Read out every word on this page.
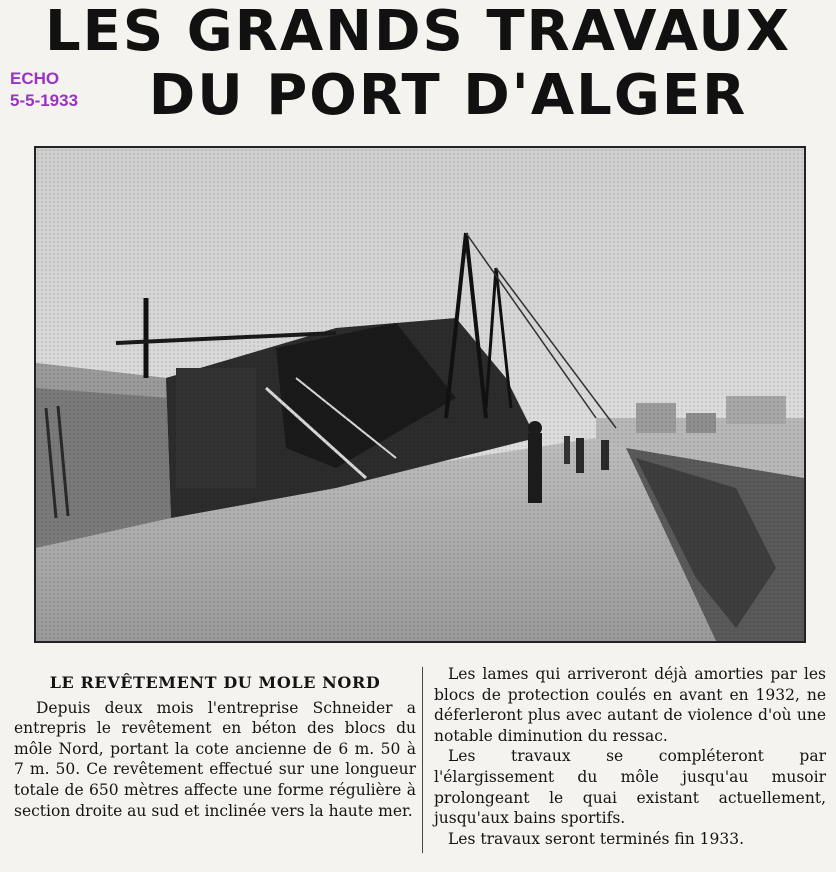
LES GRANDS TRAVAUX
DU PORT D'ALGER
ECHO
5-5-1933
LE REVÊTEMENT DU MOLE NORD

Depuis deux mois l'entreprise Schneider a entrepris le revêtement en béton des blocs du môle Nord, portant la cote ancienne de 6 m. 50 à 7 m. 50. Ce revêtement effectué sur une longueur totale de 650 mètres affecte une forme régulière à section droite au sud et inclinée vers la haute mer.

Les lames qui arriveront déjà amorties par les blocs de protection coulés en avant en 1932, ne déferleront plus avec autant de violence d'où une notable diminution du ressac.

Les travaux se compléteront par l'élargissement du môle jusqu'au musoir prolongeant le quai existant actuellement, jusqu'aux bains sportifs.

Les travaux seront terminés fin 1933.
